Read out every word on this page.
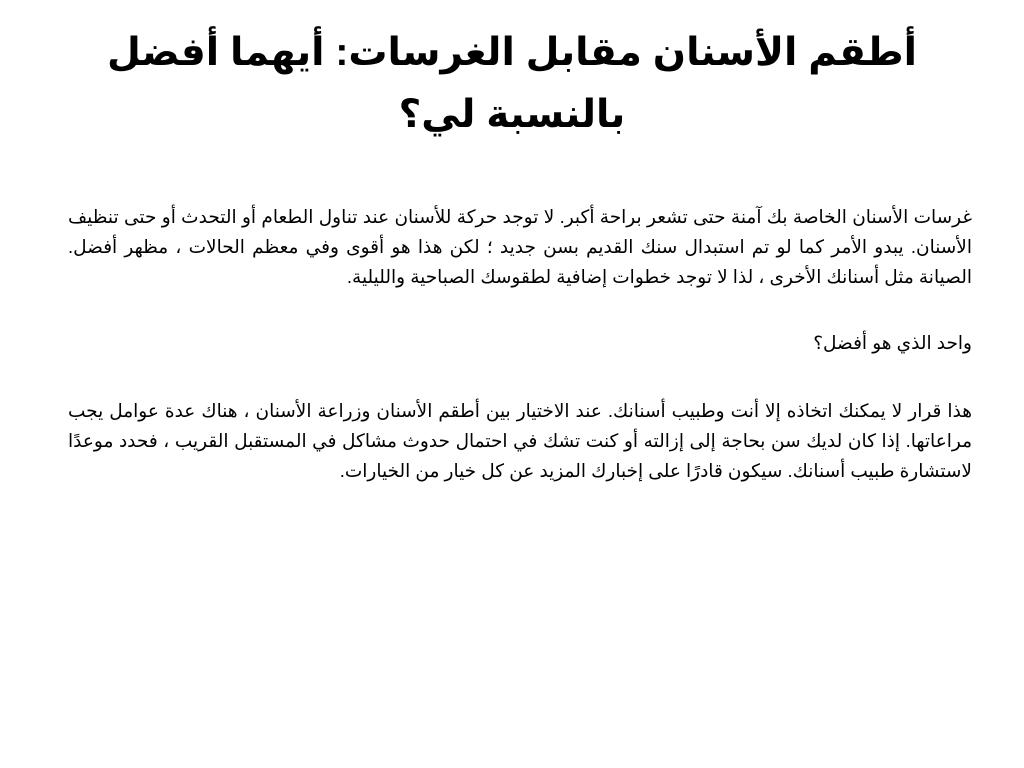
أطقم الأسنان مقابل الغرسات: أيهما أفضل بالنسبة لي؟

غرسات الأسنان الخاصة بك آمنة حتى تشعر براحة أكبر. لا توجد حركة للأسنان عند تناول الطعام أو التحدث أو حتى تنظيف الأسنان. يبدو الأمر كما لو تم استبدال سنك القديم بسن جديد ؛ لكن هذا هو أقوى وفي معظم الحالات ، مظهر أفضل. الصيانة مثل أسنانك الأخرى ، لذا لا توجد خطوات إضافية لطقوسك الصباحية والليلية.

واحد الذي هو أفضل؟

هذا قرار لا يمكنك اتخاذه إلا أنت وطبيب أسنانك. عند الاختيار بين أطقم الأسنان وزراعة الأسنان ، هناك عدة عوامل يجب مراعاتها. إذا كان لديك سن بحاجة إلى إزالته أو كنت تشك في احتمال حدوث مشاكل في المستقبل القريب ، فحدد موعدًا لاستشارة طبيب أسنانك. سيكون قادرًا على إخبارك المزيد عن كل خيار من الخيارات.
